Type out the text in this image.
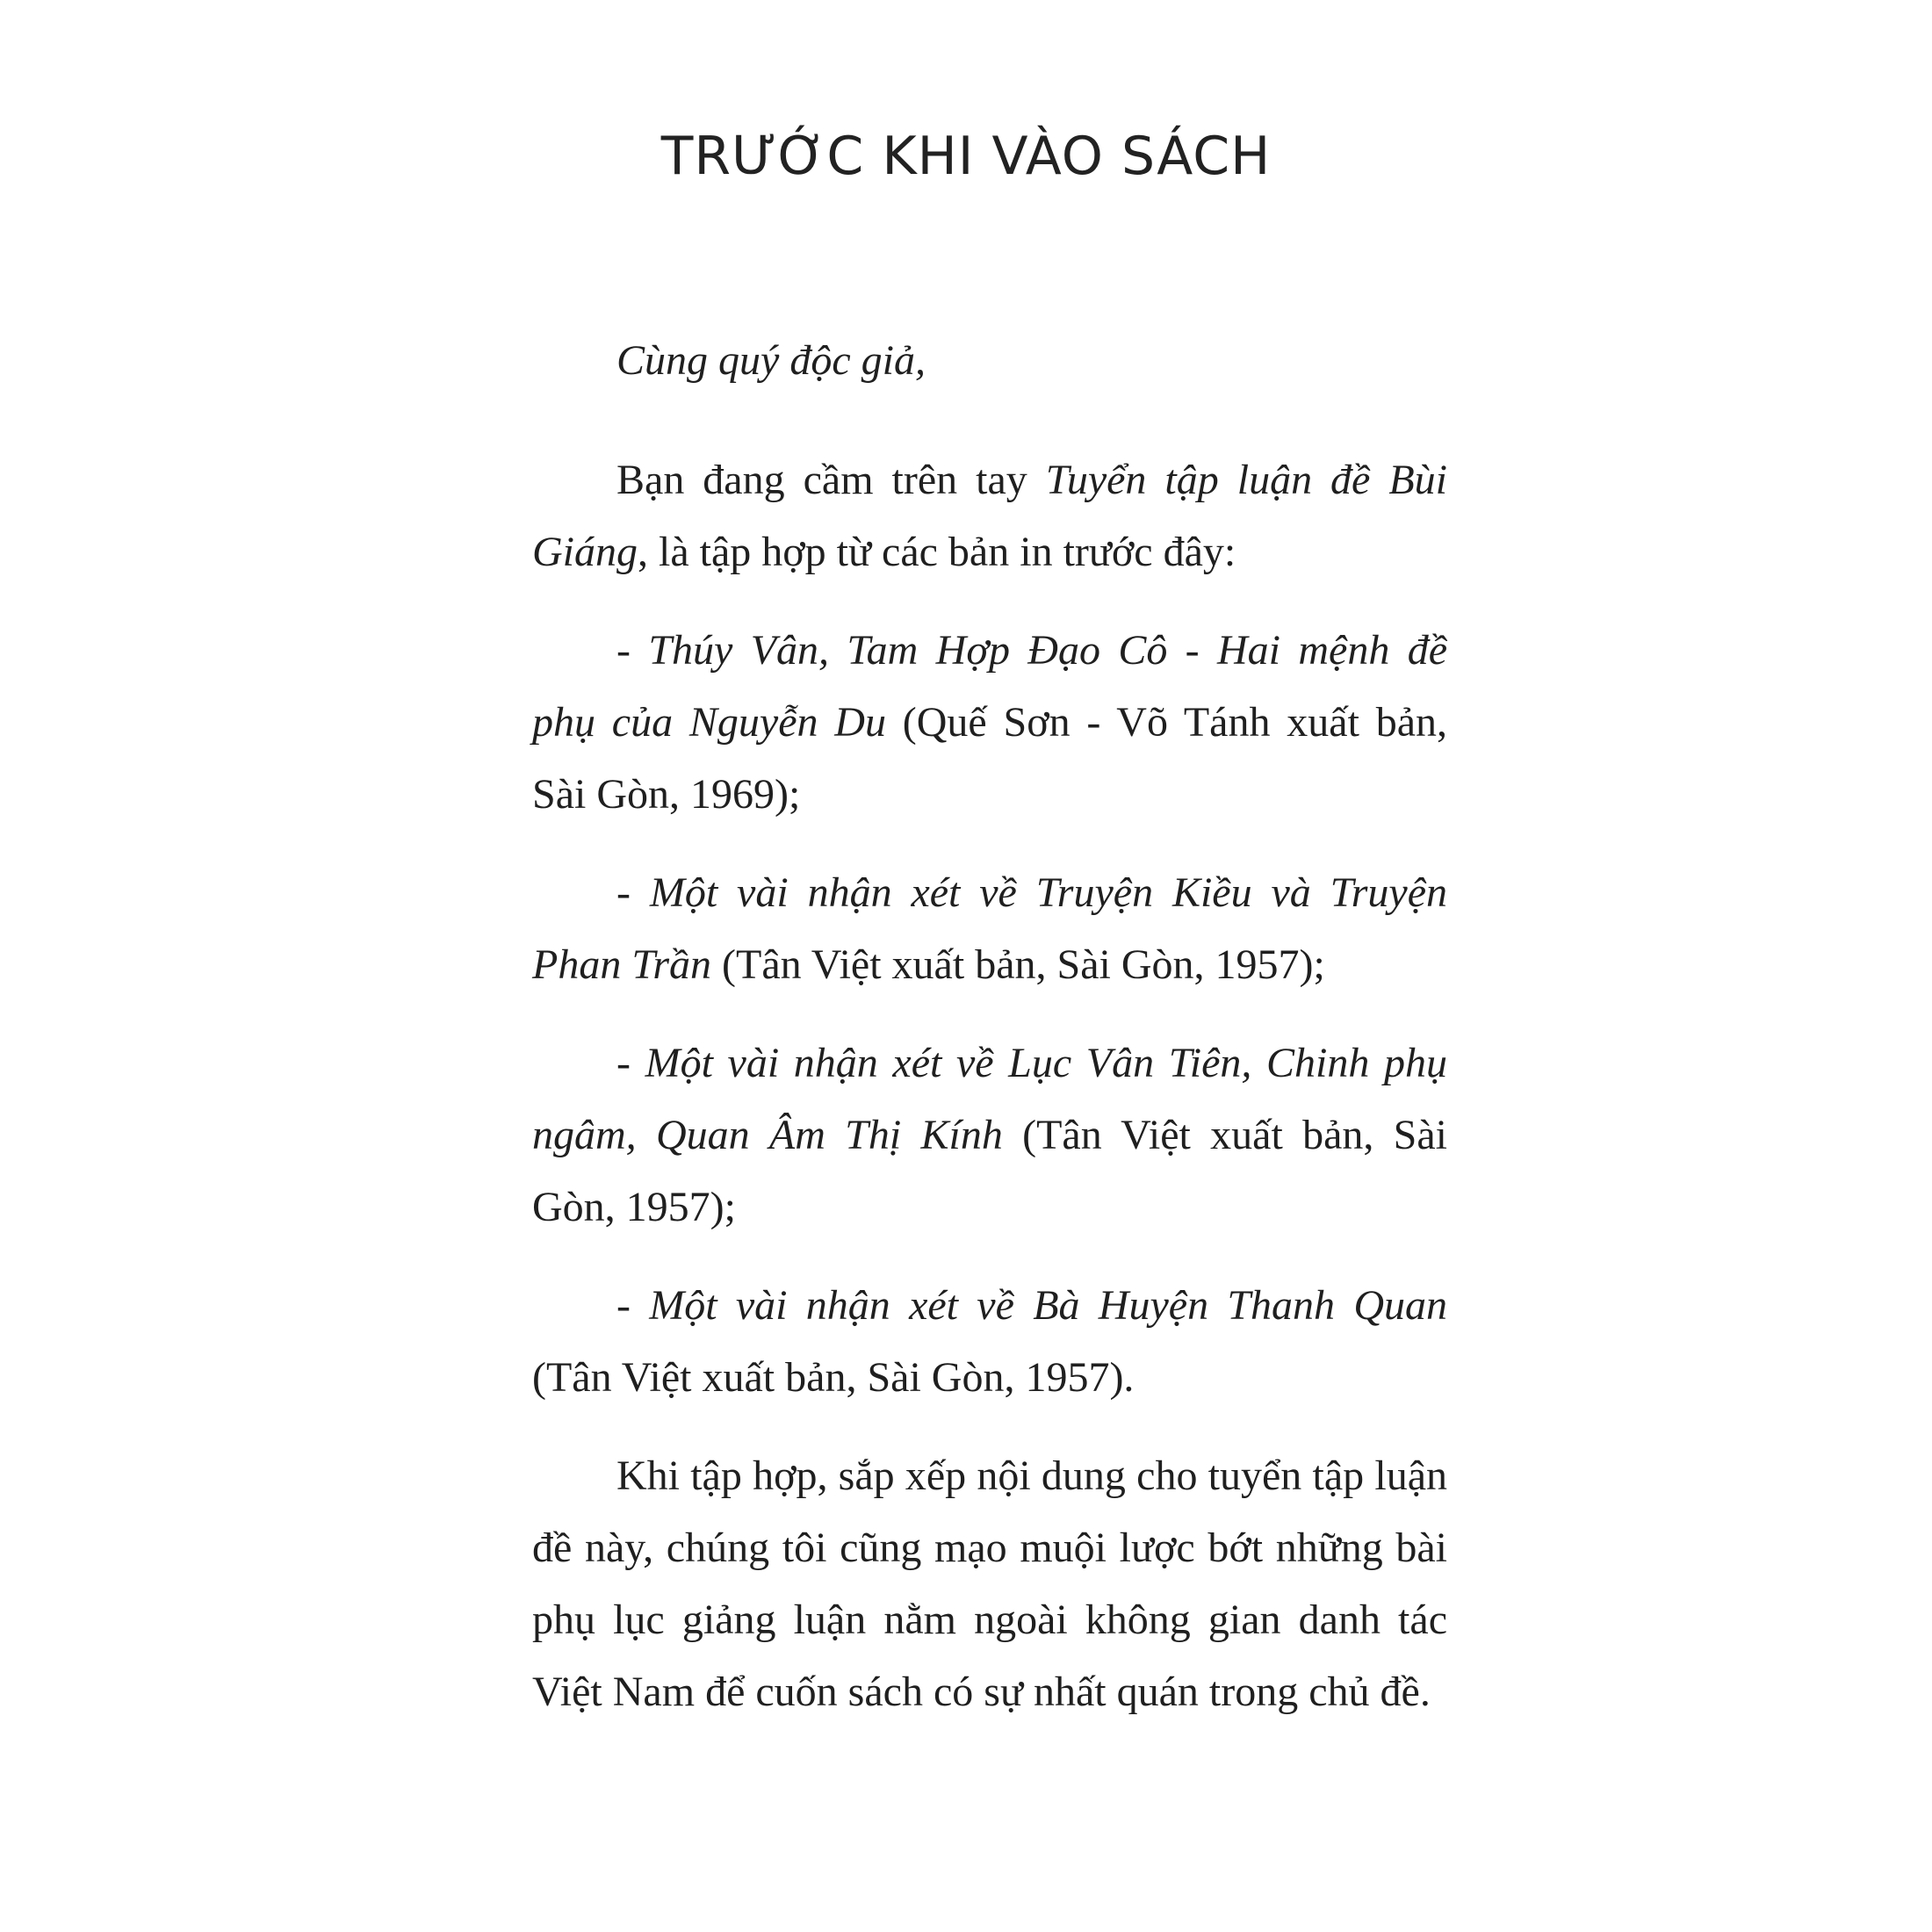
TRƯỚC KHI VÀO SÁCH

Cùng quý độc giả,

Bạn đang cầm trên tay Tuyển tập luận đề Bùi Giáng, là tập hợp từ các bản in trước đây:

- Thúy Vân, Tam Hợp Đạo Cô - Hai mệnh đề phụ của Nguyễn Du (Quế Sơn - Võ Tánh xuất bản, Sài Gòn, 1969);

- Một vài nhận xét về Truyện Kiều và Truyện Phan Trần (Tân Việt xuất bản, Sài Gòn, 1957);

- Một vài nhận xét về Lục Vân Tiên, Chinh phụ ngâm, Quan Âm Thị Kính (Tân Việt xuất bản, Sài Gòn, 1957);

- Một vài nhận xét về Bà Huyện Thanh Quan (Tân Việt xuất bản, Sài Gòn, 1957).

Khi tập hợp, sắp xếp nội dung cho tuyển tập luận đề này, chúng tôi cũng mạo muội lược bớt những bài phụ lục giảng luận nằm ngoài không gian danh tác Việt Nam để cuốn sách có sự nhất quán trong chủ đề.
